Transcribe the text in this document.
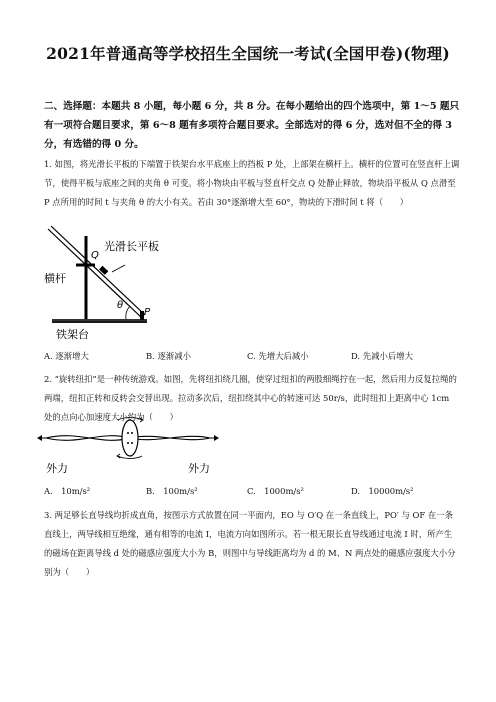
2021年普通高等学校招生全国统一考试(全国甲卷)(物理)
二、选择题：本题共 8 小题，每小题 6 分，共 8 分。在每小题给出的四个选项中，第 1～5 题只有一项符合题目要求，第 6～8 题有多项符合题目要求。全部选对的得 6 分，选对但不全的得 3 分，有选错的得 0 分。
1. 如图，将光滑长平板的下端置于铁架台水平底座上的挡板 P 处，上部架在横杆上。横杆的位置可在竖直杆上调节，使得平板与底座之间的夹角 θ 可变。将小物块由平板与竖直杆交点 Q 处静止释放，物块沿平板从 Q 点滑至 P 点所用的时间 t 与夹角 θ 的大小有关。若由 30°逐渐增大至 60°，物块的下滑时间 t 将（　　）
光滑长平板
横杆
铁架台
Q
P
θ
外力	外力
A. 逐渐增大	B. 逐渐减小	C. 先增大后减小	D. 先减小后增大
2. “旋转纽扣”是一种传统游戏。如图，先将纽扣绕几圈，使穿过纽扣的两股细绳拧在一起，然后用力反复拉绳的两端，纽扣正转和反转会交替出现。拉动多次后，纽扣绕其中心的转速可达 50r/s，此时纽扣上距离中心 1cm 处的点向心加速度大小约为（　　）
A.　10m/s²	B.　100m/s²	C.　1000m/s²	D.　10000m/s²
3. 两足够长直导线均折成直角，按图示方式放置在同一平面内，EO 与 O′Q 在一条直线上，PO′ 与 OF 在一条直线上，两导线相互绝缘，通有相等的电流 I，电流方向如图所示。若一根无限长直导线通过电流 I 时，所产生的磁场在距离导线 d 处的磁感应强度大小为 B，则图中与导线距离均为 d 的 M、N 两点处的磁感应强度大小分别为（　　）
